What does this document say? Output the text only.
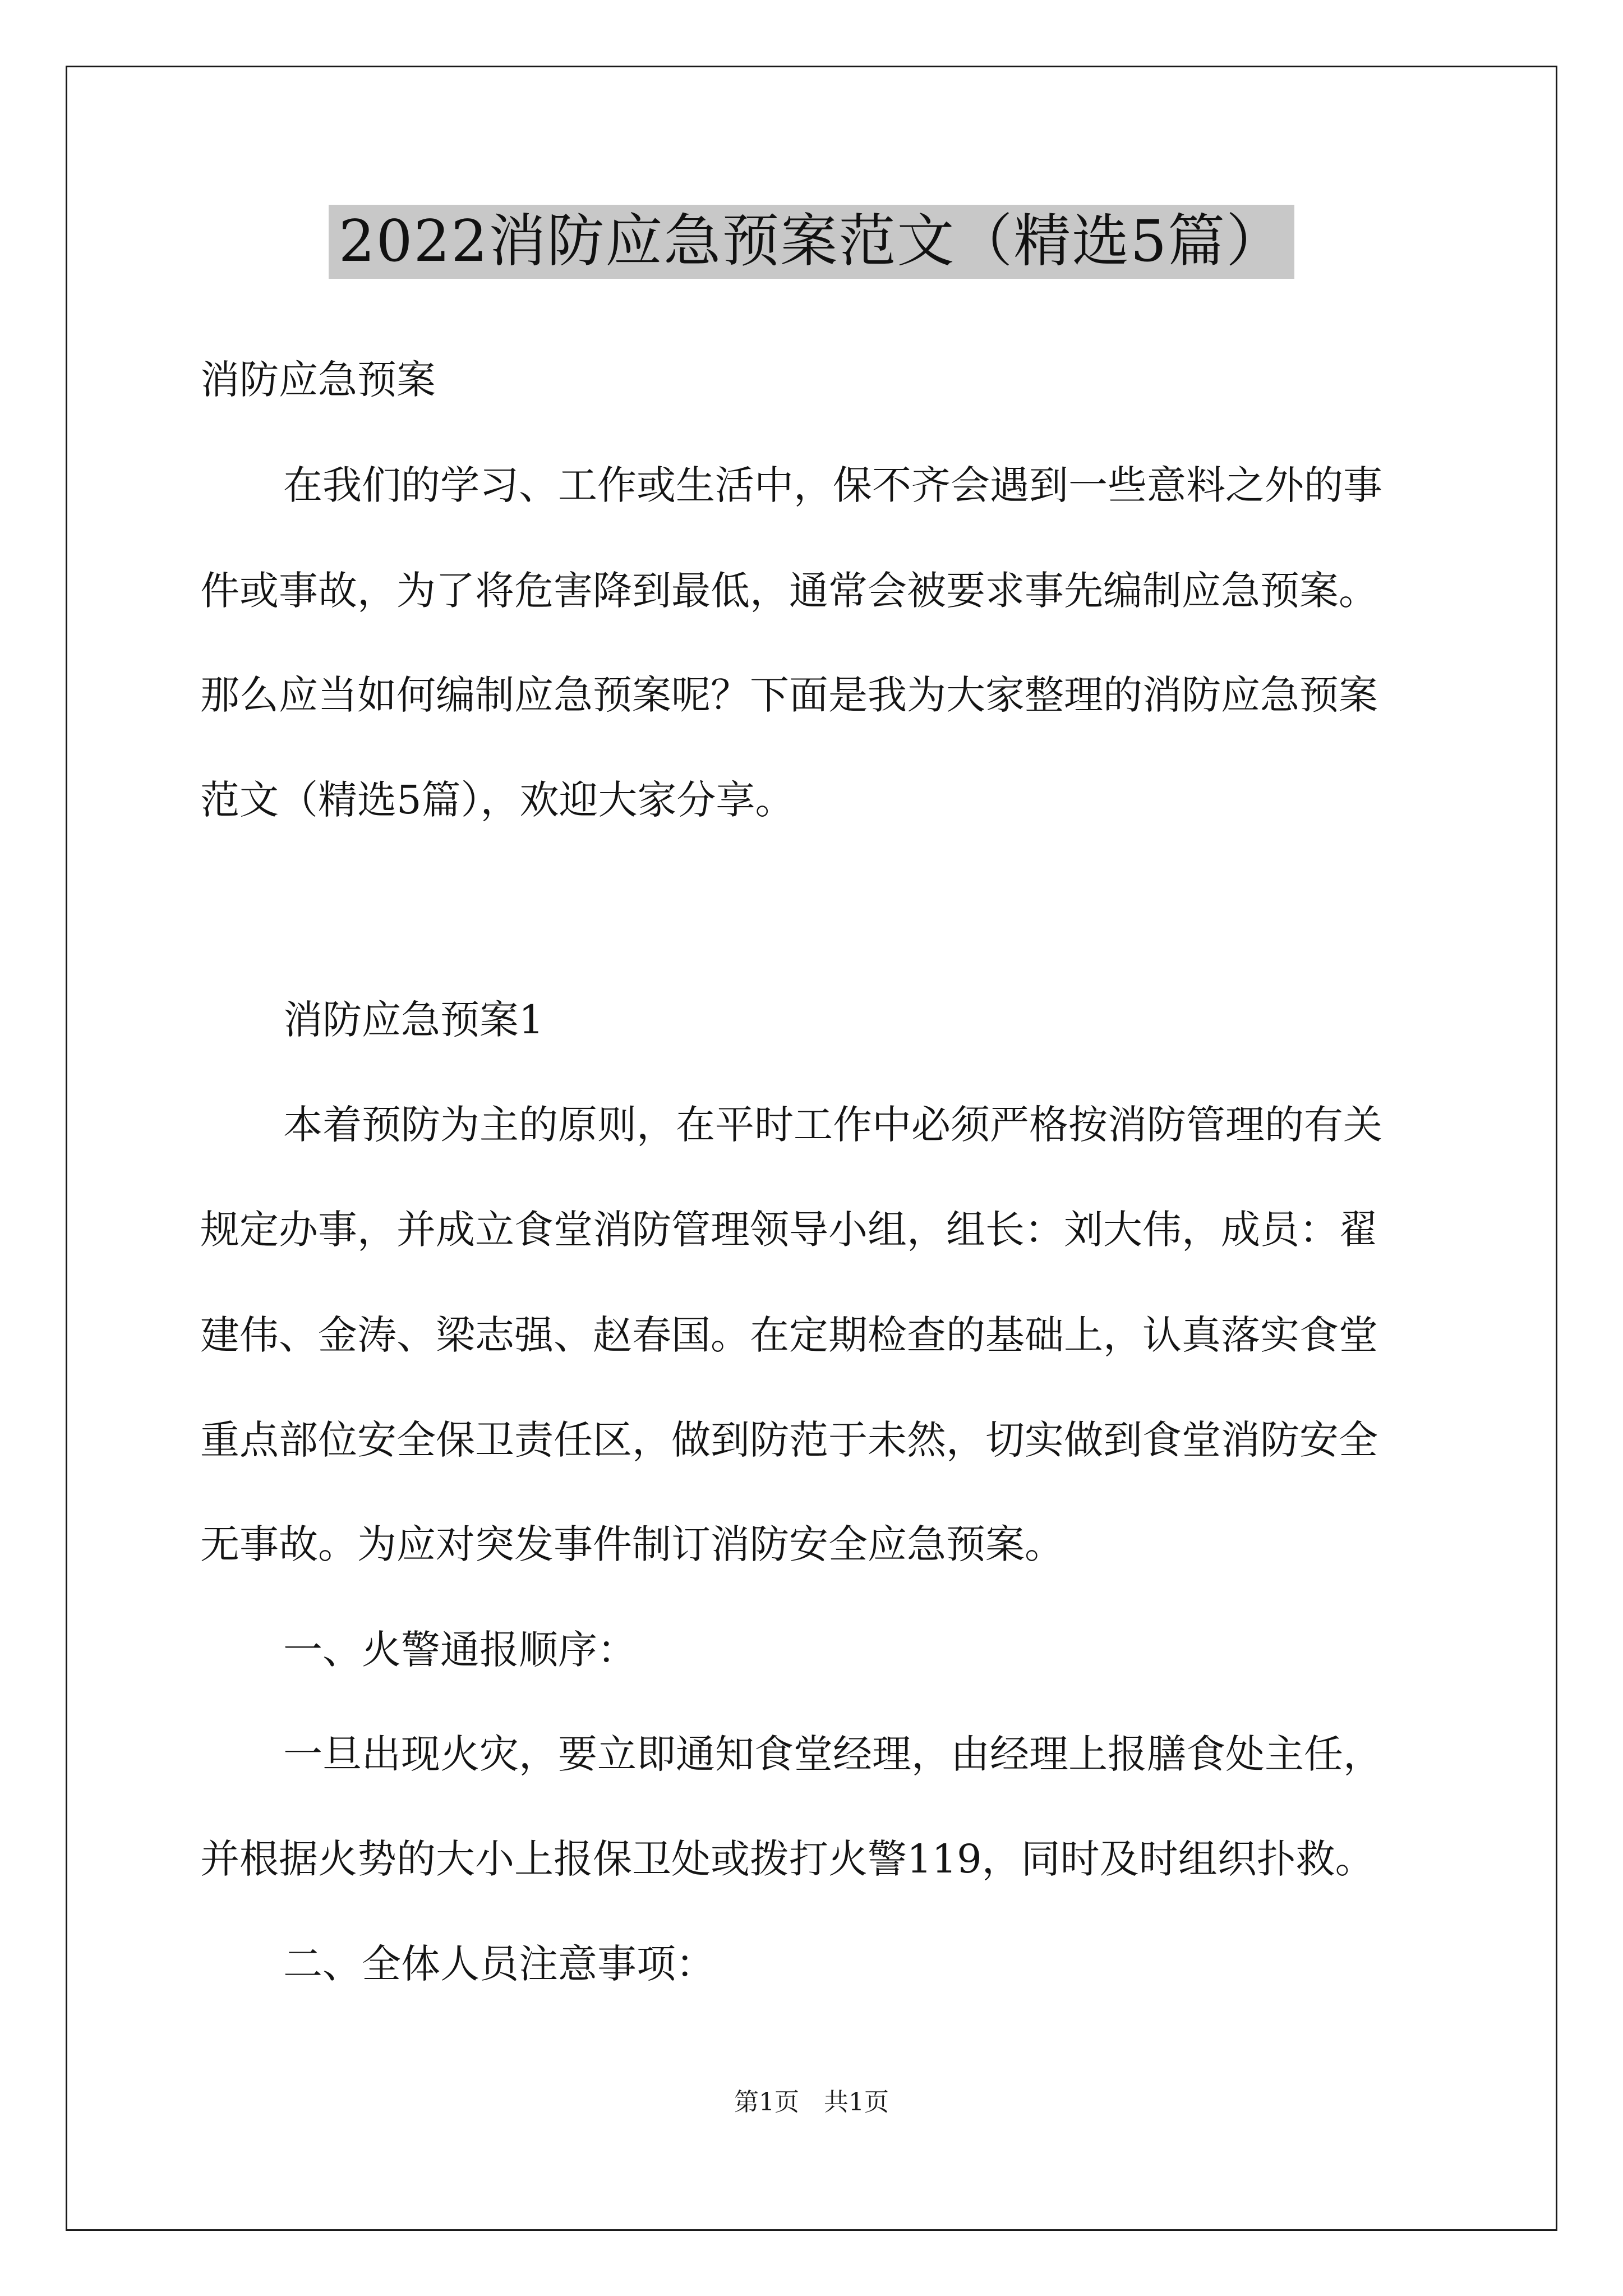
2022消防应急预案范文（精选5篇）
消防应急预案
在我们的学习、工作或生活中，保不齐会遇到一些意料之外的事
件或事故，为了将危害降到最低，通常会被要求事先编制应急预案。
那么应当如何编制应急预案呢？下面是我为大家整理的消防应急预案
范文（精选5篇），欢迎大家分享。
消防应急预案1
本着预防为主的原则，在平时工作中必须严格按消防管理的有关
规定办事，并成立食堂消防管理领导小组，组长：刘大伟，成员：翟
建伟、金涛、梁志强、赵春国。在定期检查的基础上，认真落实食堂
重点部位安全保卫责任区，做到防范于未然，切实做到食堂消防安全
无事故。为应对突发事件制订消防安全应急预案。
一、火警通报顺序：
一旦出现火灾，要立即通知食堂经理，由经理上报膳食处主任，
并根据火势的大小上报保卫处或拨打火警119，同时及时组织扑救。
二、全体人员注意事项：
第1页　共1页
